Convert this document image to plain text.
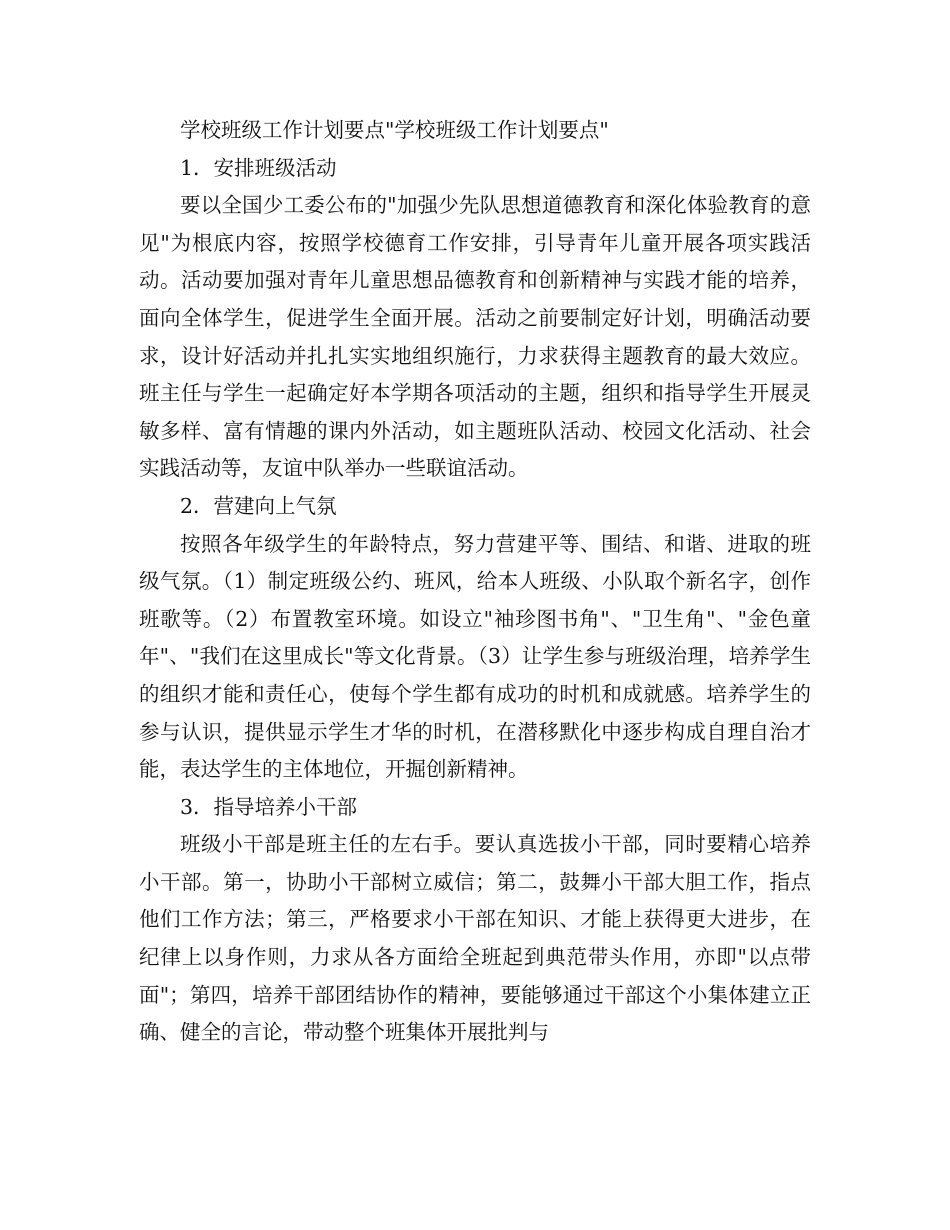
学校班级工作计划要点"学校班级工作计划要点"

1．安排班级活动

要以全国少工委公布的"加强少先队思想道德教育和深化体验教育的意见"为根底内容，按照学校德育工作安排，引导青年儿童开展各项实践活动。活动要加强对青年儿童思想品德教育和创新精神与实践才能的培养，面向全体学生，促进学生全面开展。活动之前要制定好计划，明确活动要求，设计好活动并扎扎实实地组织施行，力求获得主题教育的最大效应。班主任与学生一起确定好本学期各项活动的主题，组织和指导学生开展灵敏多样、富有情趣的课内外活动，如主题班队活动、校园文化活动、社会实践活动等，友谊中队举办一些联谊活动。

2．营建向上气氛

按照各年级学生的年龄特点，努力营建平等、围结、和谐、进取的班级气氛。（1）制定班级公约、班风，给本人班级、小队取个新名字，创作班歌等。（2）布置教室环境。如设立"袖珍图书角"、"卫生角"、"金色童年"、"我们在这里成长"等文化背景。（3）让学生参与班级治理，培养学生的组织才能和责任心，使每个学生都有成功的时机和成就感。培养学生的参与认识，提供显示学生才华的时机，在潜移默化中逐步构成自理自治才能，表达学生的主体地位，开掘创新精神。

3．指导培养小干部

班级小干部是班主任的左右手。要认真选拔小干部，同时要精心培养小干部。第一，协助小干部树立威信；第二，鼓舞小干部大胆工作，指点他们工作方法；第三，严格要求小干部在知识、才能上获得更大进步，在纪律上以身作则，力求从各方面给全班起到典范带头作用，亦即"以点带面"；第四，培养干部团结协作的精神，要能够通过干部这个小集体建立正确、健全的言论，带动整个班集体开展批判与
